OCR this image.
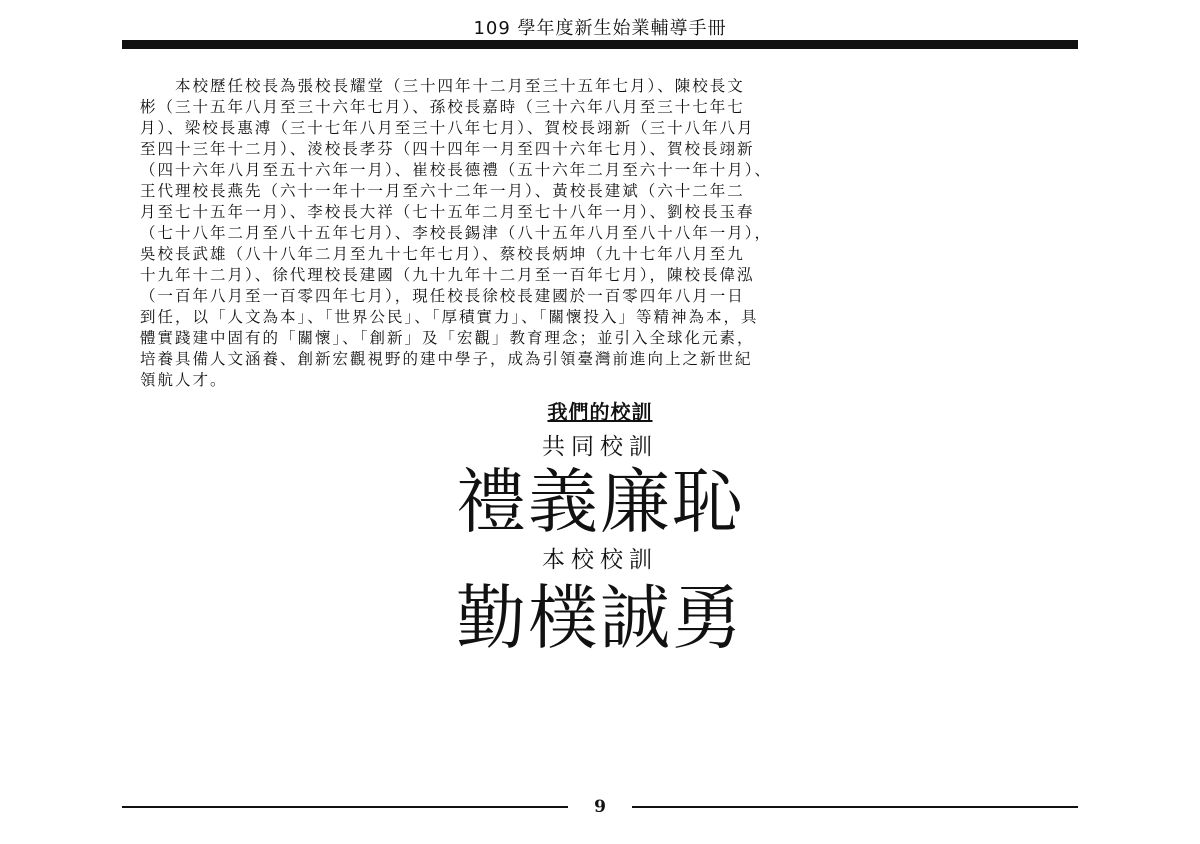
109 學年度新生始業輔導手冊
　　本校歷任校長為張校長耀堂（三十四年十二月至三十五年七月）、陳校長文
彬（三十五年八月至三十六年七月）、孫校長嘉時（三十六年八月至三十七年七
月）、梁校長惠溥（三十七年八月至三十八年七月）、賀校長翊新（三十八年八月
至四十三年十二月）、淩校長孝芬（四十四年一月至四十六年七月）、賀校長翊新
（四十六年八月至五十六年一月）、崔校長德禮（五十六年二月至六十一年十月）、
王代理校長燕先（六十一年十一月至六十二年一月）、黃校長建斌（六十二年二
月至七十五年一月）、李校長大祥（七十五年二月至七十八年一月）、劉校長玉春
（七十八年二月至八十五年七月）、李校長錫津（八十五年八月至八十八年一月），
吳校長武雄（八十八年二月至九十七年七月）、蔡校長炳坤（九十七年八月至九
十九年十二月）、徐代理校長建國（九十九年十二月至一百年七月），陳校長偉泓
（一百年八月至一百零四年七月），現任校長徐校長建國於一百零四年八月一日
到任，以「人文為本」、「世界公民」、「厚積實力」、「關懷投入」等精神為本，具
體實踐建中固有的「關懷」、「創新」及「宏觀」教育理念；並引入全球化元素，
培養具備人文涵養、創新宏觀視野的建中學子，成為引領臺灣前進向上之新世紀
領航人才。
我們的校訓
共同校訓
禮義廉恥
本校校訓
勤樸誠勇
9
